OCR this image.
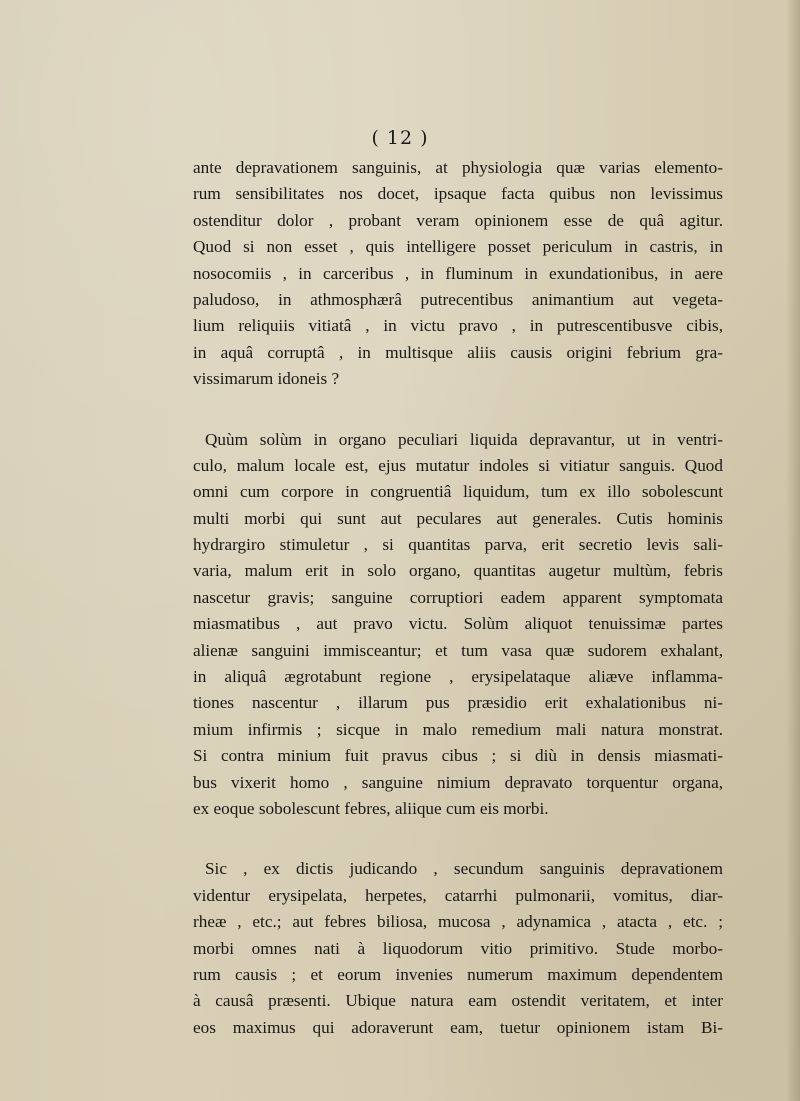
( 12 )
ante depravationem sanguinis, at physiologia quæ varias elemento-
rum sensibilitates nos docet, ipsaque facta quibus non levissimus
ostenditur dolor , probant veram opinionem esse de quâ agitur.
Quod si non esset , quis intelligere posset periculum in castris, in
nosocomiis , in carceribus , in fluminum in exundationibus, in aere
paludoso, in athmosphærâ putrecentibus animantium aut vegeta-
lium reliquiis vitiatâ , in victu pravo , in putrescentibusve cibis,
in aquâ corruptâ , in multisque aliis causis origini febrium gra-
vissimarum idoneis ?
Quùm solùm in organo peculiari liquida depravantur, ut in ventri-
culo, malum locale est, ejus mutatur indoles si vitiatur sanguis. Quod
omni cum corpore in congruentiâ liquidum, tum ex illo sobolescunt
multi morbi qui sunt aut peculares aut generales. Cutis hominis
hydrargiro stimuletur , si quantitas parva, erit secretio levis sali-
varia, malum erit in solo organo, quantitas augetur multùm, febris
nascetur gravis; sanguine corruptiori eadem apparent symptomata
miasmatibus , aut pravo victu. Solùm aliquot tenuissimæ partes
alienæ sanguini immisceantur; et tum vasa quæ sudorem exhalant,
in aliquâ ægrotabunt regione , erysipelataque aliæve inflamma-
tiones nascentur , illarum pus præsidio erit exhalationibus ni-
mium infirmis ; sicque in malo remedium mali natura monstrat.
Si contra minium fuit pravus cibus ; si diù in densis miasmati-
bus vixerit homo , sanguine nimium depravato torquentur organa,
ex eoque sobolescunt febres, aliique cum eis morbi.
Sic , ex dictis judicando , secundum sanguinis depravationem
videntur erysipelata, herpetes, catarrhi pulmonarii, vomitus, diar-
rheæ , etc.; aut febres biliosa, mucosa , adynamica , atacta , etc. ;
morbi omnes nati à liquodorum vitio primitivo. Stude morbo-
rum causis ; et eorum invenies numerum maximum dependentem
à causâ præsenti. Ubique natura eam ostendit veritatem, et inter
eos maximus qui adoraverunt eam, tuetur opinionem istam Bi-
